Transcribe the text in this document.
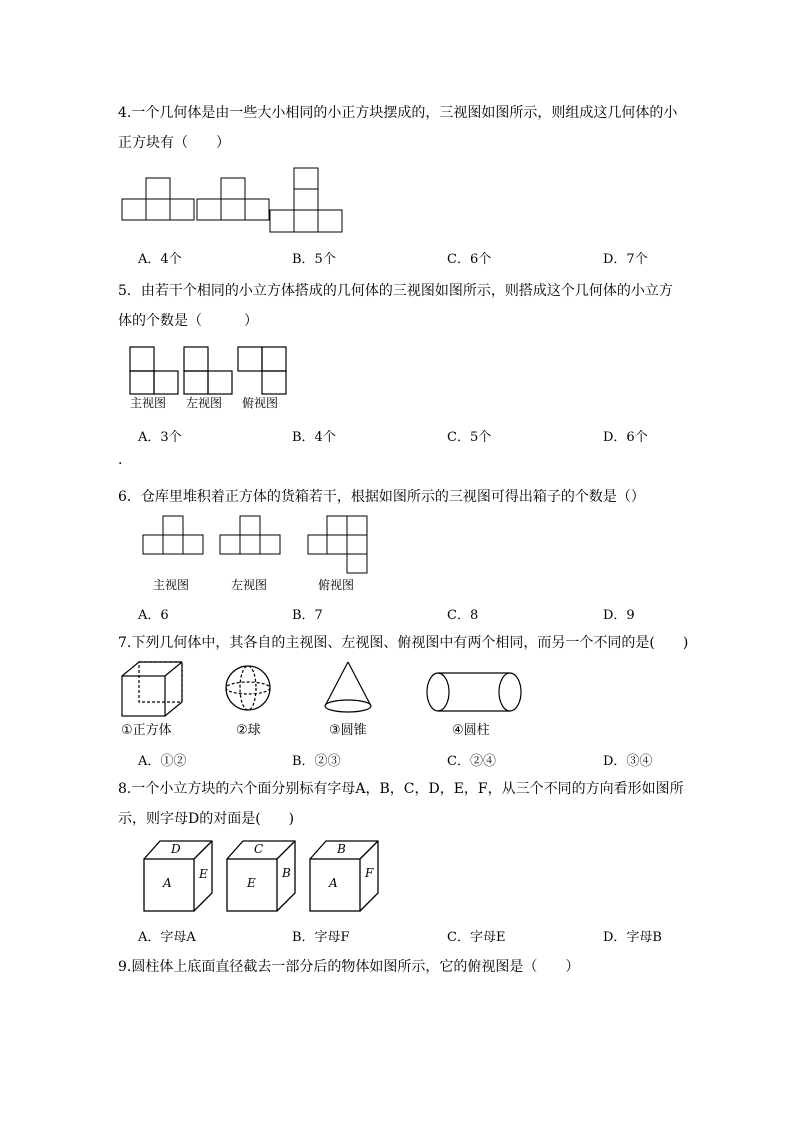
4.一个几何体是由一些大小相同的小正方块摆成的，三视图如图所示，则组成这几何体的小
正方块有（　　）
A．4个	B．5个	C．6个	D．7个
5．由若干个相同的小立方体搭成的几何体的三视图如图所示，则搭成这个几何体的小立方
体的个数是（　　　）
主视图 左视图 俯视图
A．3个	B．4个	C．5个	D．6个
.
6．仓库里堆积着正方体的货箱若干，根据如图所示的三视图可得出箱子的个数是（）
主视图	左视图	俯视图
A．6	B．7	C．8	D．9
7.下列几何体中，其各自的主视图、左视图、俯视图中有两个相同，而另一个不同的是(　　)
①正方体	②球	③圆锥	④圆柱
A．①②	B．②③	C．②④	D．③④
8.一个小立方块的六个面分别标有字母A，B，C，D，E，F，从三个不同的方向看形如图所
示，则字母D的对面是(　　)
D
A
E
C
E
B
B
A
F
A．字母A	B．字母F	C．字母E	D．字母B
9.圆柱体上底面直径截去一部分后的物体如图所示，它的俯视图是（　　）
